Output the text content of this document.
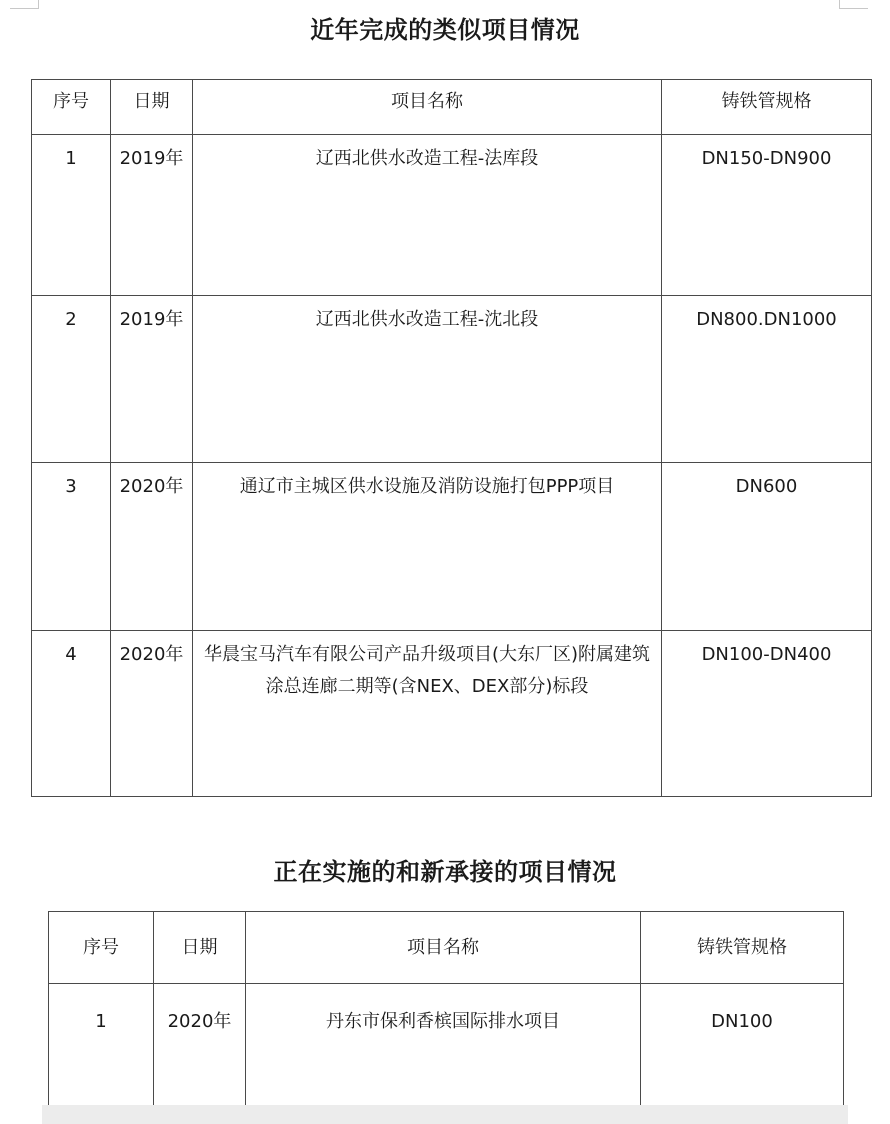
近年完成的类似项目情况
序号	日期	项目名称	铸铁管规格
1	2019年	辽西北供水改造工程-法库段	DN150-DN900
2	2019年	辽西北供水改造工程-沈北段	DN800.DN1000
3	2020年	通辽市主城区供水设施及消防设施打包PPP项目	DN600
4	2020年	华晨宝马汽车有限公司产品升级项目(大东厂区)附属建筑涂总连廊二期等(含NEX、DEX部分)标段	DN100-DN400
正在实施的和新承接的项目情况
序号	日期	项目名称	铸铁管规格
1	2020年	丹东市保利香槟国际排水项目	DN100
